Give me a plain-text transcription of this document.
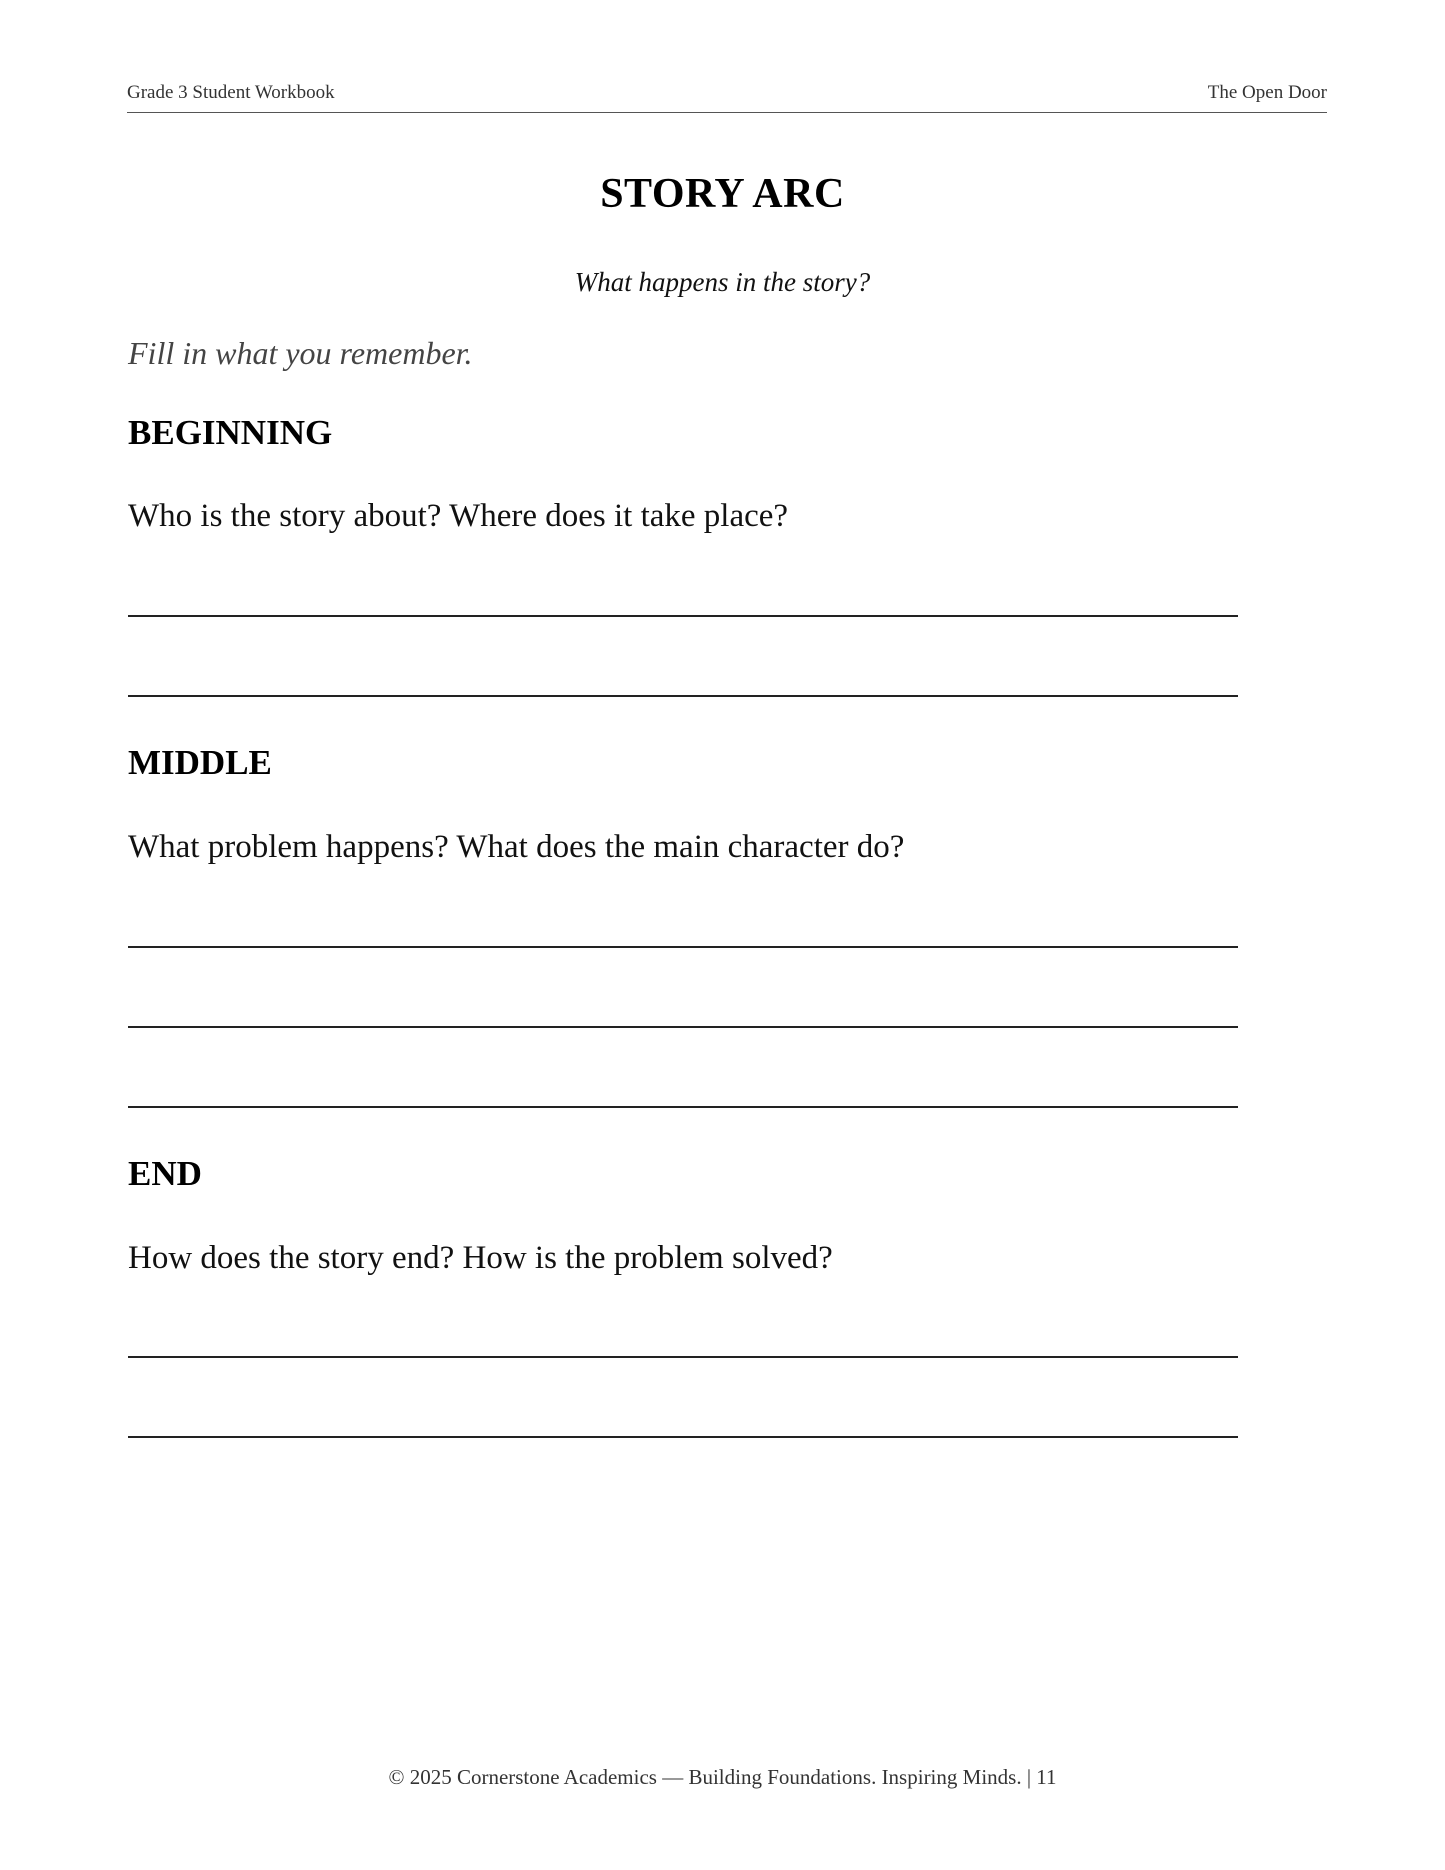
Grade 3 Student Workbook	The Open Door
STORY ARC
What happens in the story?
Fill in what you remember.
BEGINNING
Who is the story about? Where does it take place?
MIDDLE
What problem happens? What does the main character do?
END
How does the story end? How is the problem solved?
© 2025 Cornerstone Academics — Building Foundations. Inspiring Minds. | 11
